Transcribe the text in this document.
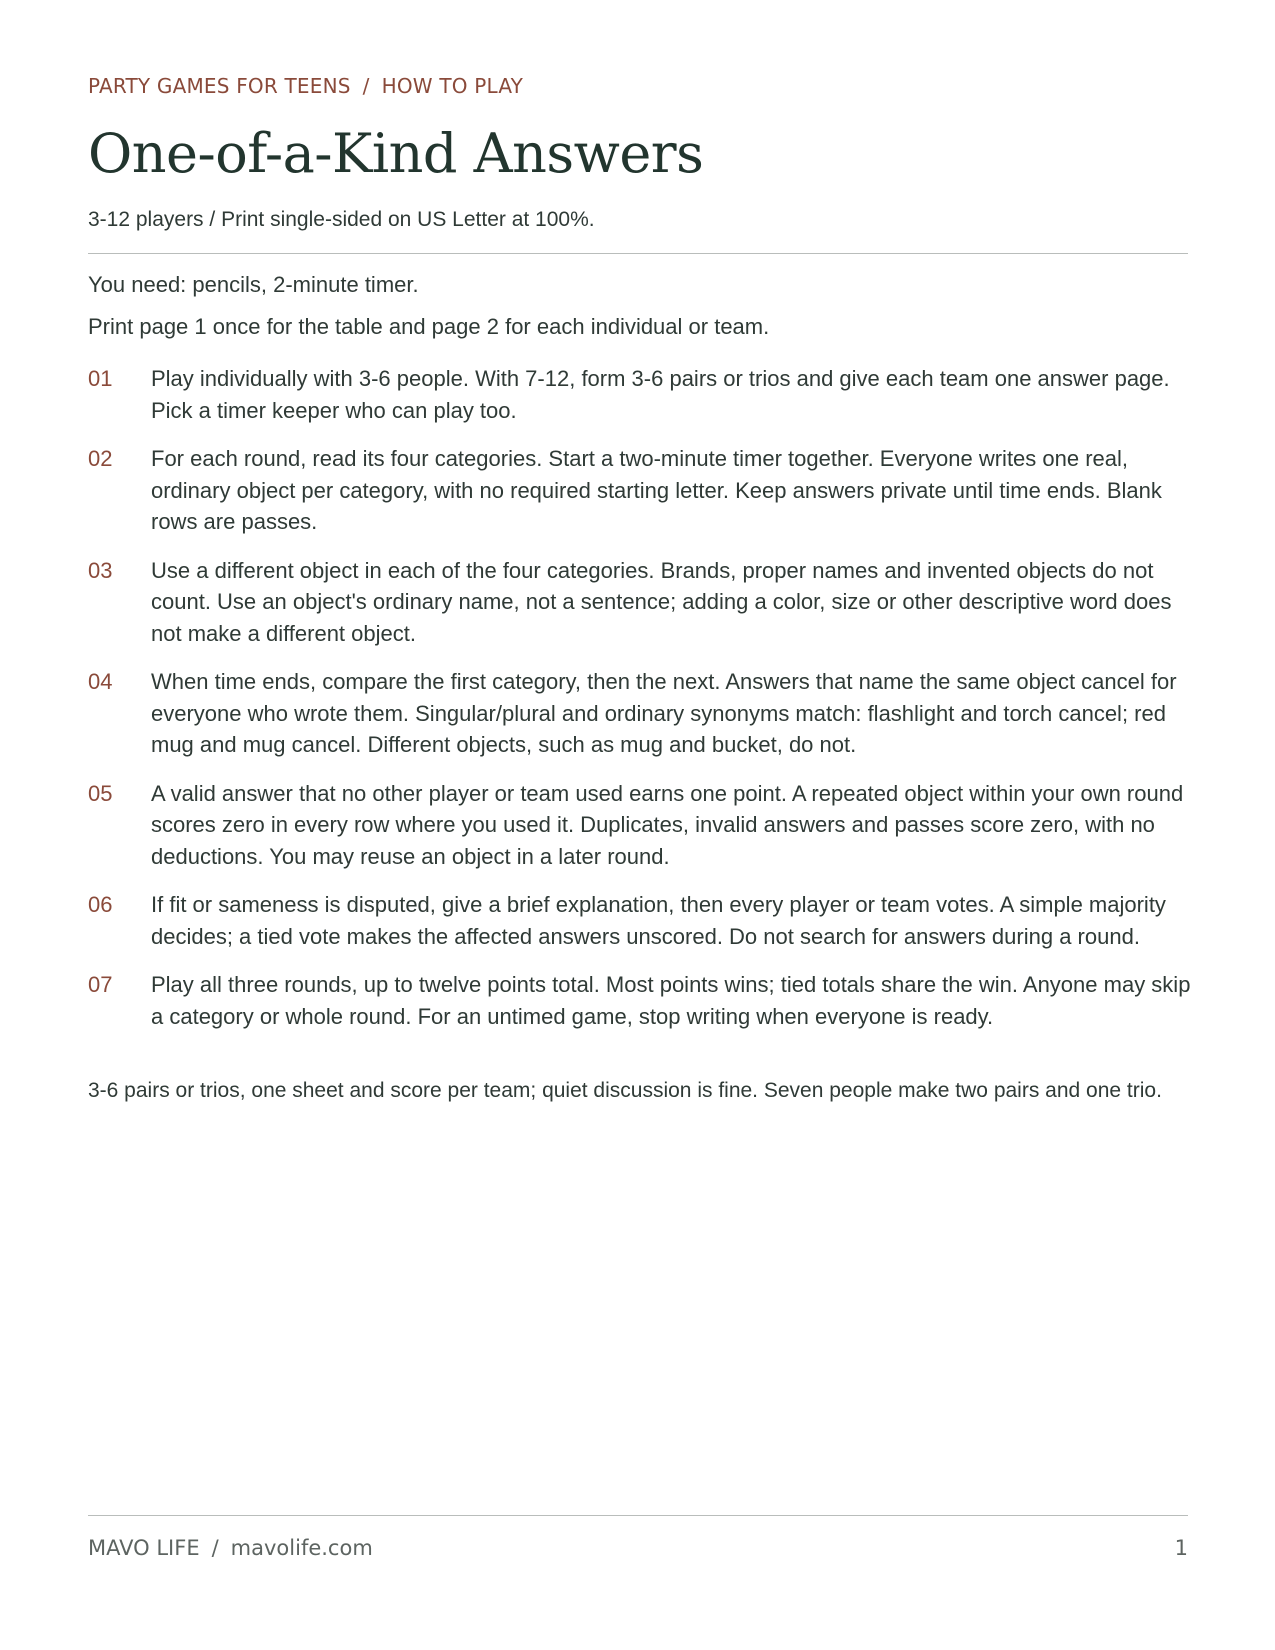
PARTY GAMES FOR TEENS / HOW TO PLAY
One-of-a-Kind Answers
3-12 players / Print single-sided on US Letter at 100%.
You need: pencils, 2-minute timer.
Print page 1 once for the table and page 2 for each individual or team.
01	Play individually with 3-6 people. With 7-12, form 3-6 pairs or trios and give each team one answer page. Pick a timer keeper who can play too.
02	For each round, read its four categories. Start a two-minute timer together. Everyone writes one real, ordinary object per category, with no required starting letter. Keep answers private until time ends. Blank rows are passes.
03	Use a different object in each of the four categories. Brands, proper names and invented objects do not count. Use an object's ordinary name, not a sentence; adding a color, size or other descriptive word does not make a different object.
04	When time ends, compare the first category, then the next. Answers that name the same object cancel for everyone who wrote them. Singular/plural and ordinary synonyms match: flashlight and torch cancel; red mug and mug cancel. Different objects, such as mug and bucket, do not.
05	A valid answer that no other player or team used earns one point. A repeated object within your own round scores zero in every row where you used it. Duplicates, invalid answers and passes score zero, with no deductions. You may reuse an object in a later round.
06	If fit or sameness is disputed, give a brief explanation, then every player or team votes. A simple majority decides; a tied vote makes the affected answers unscored. Do not search for answers during a round.
07	Play all three rounds, up to twelve points total. Most points wins; tied totals share the win. Anyone may skip a category or whole round. For an untimed game, stop writing when everyone is ready.
3-6 pairs or trios, one sheet and score per team; quiet discussion is fine. Seven people make two pairs and one trio.
MAVO LIFE / mavolife.com	1
